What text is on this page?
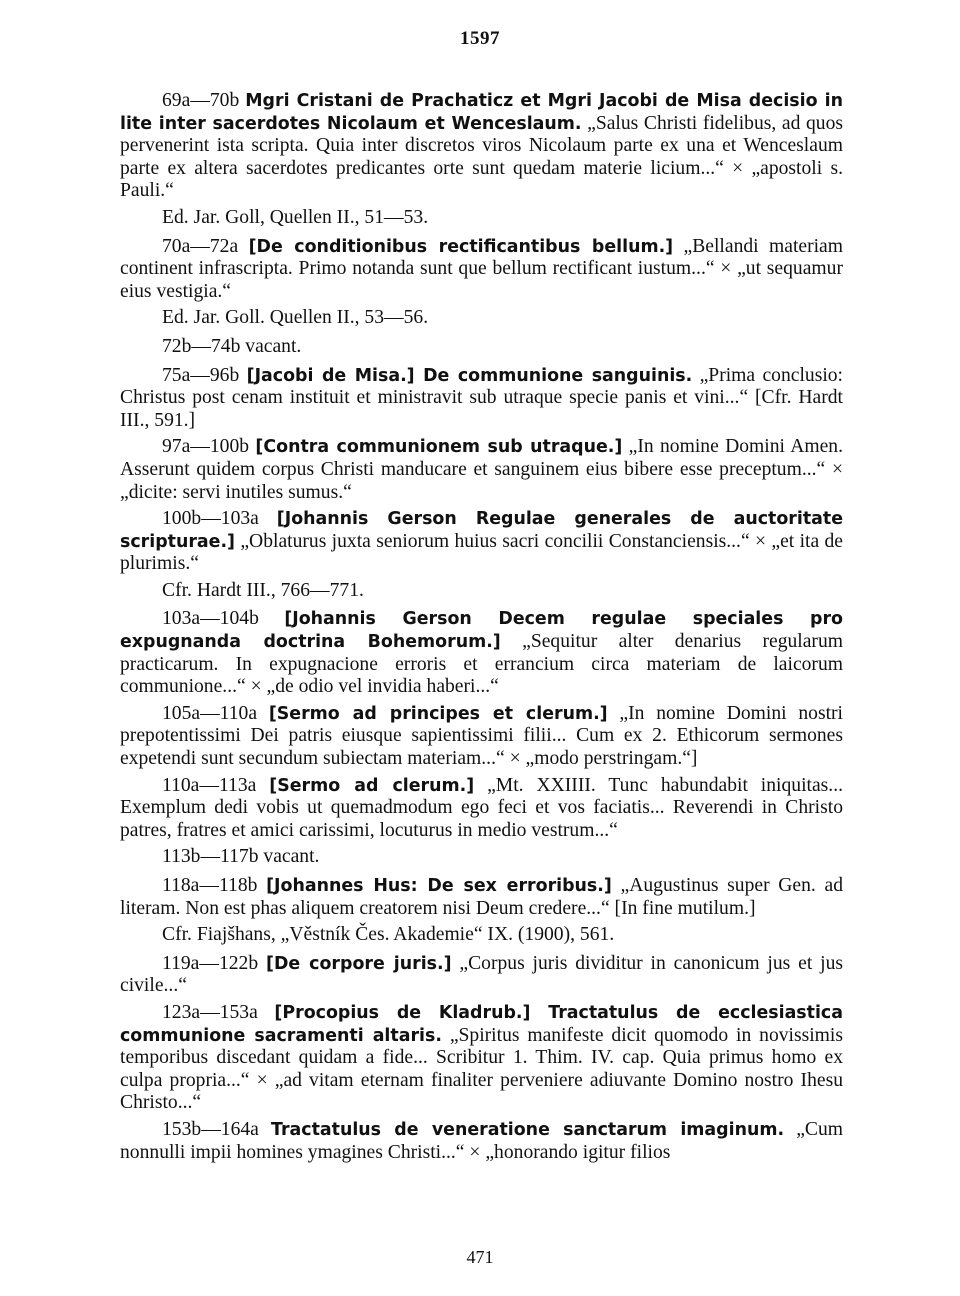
1597

69a—70b Mgri Cristani de Prachaticz et Mgri Jacobi de Misa decisio in lite inter sacerdotes Nicolaum et Wenceslaum. „Salus Christi fidelibus, ad quos pervenerint ista scripta. Quia inter discretos viros Nicolaum parte ex una et Wenceslaum parte ex altera sacerdotes predicantes orte sunt quedam materie licium...“ × „apostoli s. Pauli.“

Ed. Jar. Goll, Quellen II., 51—53.

70a—72a [De conditionibus rectificantibus bellum.] „Bellandi materiam continent infrascripta. Primo notanda sunt que bellum rectificant iustum...“ × „ut sequamur eius vestigia.“

Ed. Jar. Goll. Quellen II., 53—56.

72b—74b vacant.

75a—96b [Jacobi de Misa.] De communione sanguinis. „Prima conclusio: Christus post cenam instituit et ministravit sub utraque specie panis et vini...“ [Cfr. Hardt III., 591.]

97a—100b [Contra communionem sub utraque.] „In nomine Domini Amen. Asserunt quidem corpus Christi manducare et sanguinem eius bibere esse preceptum...“ × „dicite: servi inutiles sumus.“

100b—103a [Johannis Gerson Regulae generales de auctoritate scripturae.] „Oblaturus juxta seniorum huius sacri concilii Constanciensis...“ × „et ita de plurimis.“

Cfr. Hardt III., 766—771.

103a—104b [Johannis Gerson Decem regulae speciales pro expugnanda doctrina Bohemorum.] „Sequitur alter denarius regularum practicarum. In expugnacione erroris et errancium circa materiam de laicorum communione...“ × „de odio vel invidia haberi...“

105a—110a [Sermo ad principes et clerum.] „In nomine Domini nostri prepotentissimi Dei patris eiusque sapientissimi filii... Cum ex 2. Ethicorum sermones expetendi sunt secundum subiectam materiam...“ × „modo perstringam.“]

110a—113a [Sermo ad clerum.] „Mt. XXIIII. Tunc habundabit iniquitas... Exemplum dedi vobis ut quemadmodum ego feci et vos faciatis... Reverendi in Christo patres, fratres et amici carissimi, locuturus in medio vestrum...“

113b—117b vacant.

118a—118b [Johannes Hus: De sex erroribus.] „Augustinus super Gen. ad literam. Non est phas aliquem creatorem nisi Deum credere...“ [In fine mutilum.]

Cfr. Fiajšhans, „Věstník Čes. Akademie“ IX. (1900), 561.

119a—122b [De corpore juris.] „Corpus juris dividitur in canonicum jus et jus civile...“

123a—153a [Procopius de Kladrub.] Tractatulus de ecclesiastica communione sacramenti altaris. „Spiritus manifeste dicit quomodo in novissimis temporibus discedant quidam a fide... Scribitur 1. Thim. IV. cap. Quia primus homo ex culpa propria...“ × „ad vitam eternam finaliter perveniere adiuvante Domino nostro Ihesu Christo...“

153b—164a Tractatulus de veneratione sanctarum imaginum. „Cum nonnulli impii homines ymagines Christi...“ × „honorando igitur filios

471
